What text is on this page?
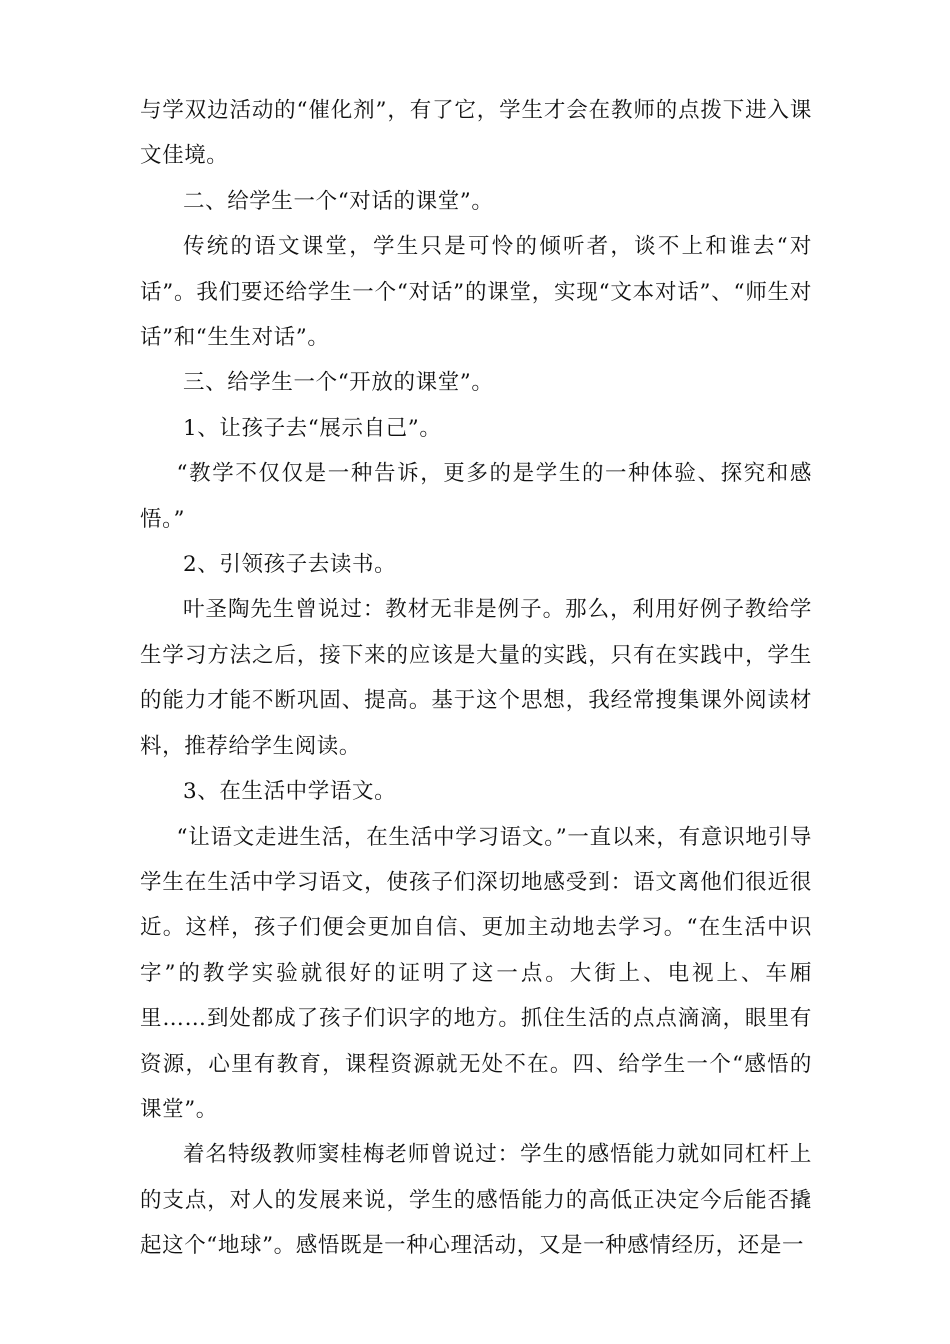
与学双边活动的“催化剂”，有了它，学生才会在教师的点拨下进入课文佳境。

二、给学生一个“对话的课堂”。

传统的语文课堂，学生只是可怜的倾听者，谈不上和谁去“对话”。我们要还给学生一个“对话”的课堂，实现“文本对话”、“师生对话”和“生生对话”。

三、给学生一个“开放的课堂”。

1、让孩子去“展示自己”。

“教学不仅仅是一种告诉，更多的是学生的一种体验、探究和感悟。”

2、引领孩子去读书。

叶圣陶先生曾说过：教材无非是例子。那么，利用好例子教给学生学习方法之后，接下来的应该是大量的实践，只有在实践中，学生的能力才能不断巩固、提高。基于这个思想，我经常搜集课外阅读材料，推荐给学生阅读。

3、在生活中学语文。

“让语文走进生活，在生活中学习语文。”一直以来，有意识地引导学生在生活中学习语文，使孩子们深切地感受到：语文离他们很近很近。这样，孩子们便会更加自信、更加主动地去学习。“在生活中识字”的教学实验就很好的证明了这一点。大街上、电视上、车厢里……到处都成了孩子们识字的地方。抓住生活的点点滴滴，眼里有资源，心里有教育，课程资源就无处不在。四、给学生一个“感悟的课堂”。

着名特级教师窦桂梅老师曾说过：学生的感悟能力就如同杠杆上的支点，对人的发展来说，学生的感悟能力的高低正决定今后能否撬起这个“地球”。感悟既是一种心理活动，又是一种感情经历，还是一
